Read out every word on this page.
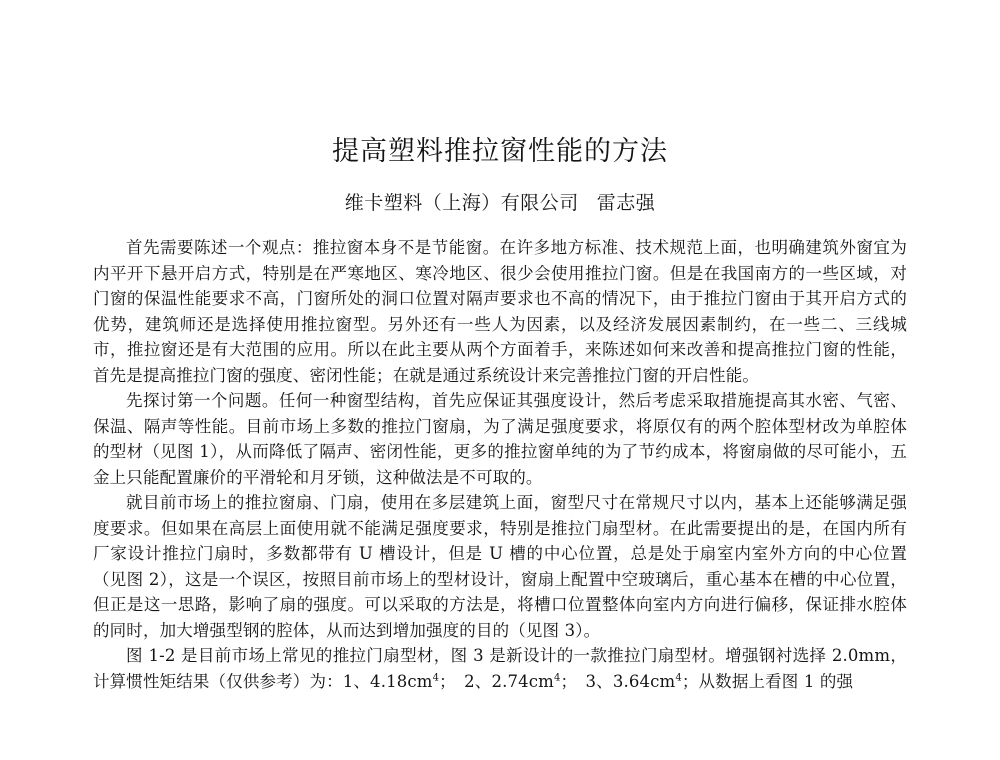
提高塑料推拉窗性能的方法
维卡塑料（上海）有限公司 雷志强

首先需要陈述一个观点：推拉窗本身不是节能窗。在许多地方标准、技术规范上面，也明确建筑外窗宜为内平开下悬开启方式，特别是在严寒地区、寒冷地区、很少会使用推拉门窗。但是在我国南方的一些区域，对门窗的保温性能要求不高，门窗所处的洞口位置对隔声要求也不高的情况下，由于推拉门窗由于其开启方式的优势，建筑师还是选择使用推拉窗型。另外还有一些人为因素，以及经济发展因素制约，在一些二、三线城市，推拉窗还是有大范围的应用。所以在此主要从两个方面着手，来陈述如何来改善和提高推拉门窗的性能，首先是提高推拉门窗的强度、密闭性能；在就是通过系统设计来完善推拉门窗的开启性能。

先探讨第一个问题。任何一种窗型结构，首先应保证其强度设计，然后考虑采取措施提高其水密、气密、保温、隔声等性能。目前市场上多数的推拉门窗扇，为了满足强度要求，将原仅有的两个腔体型材改为单腔体的型材（见图 1），从而降低了隔声、密闭性能，更多的推拉窗单纯的为了节约成本，将窗扇做的尽可能小，五金上只能配置廉价的平滑轮和月牙锁，这种做法是不可取的。

就目前市场上的推拉窗扇、门扇，使用在多层建筑上面，窗型尺寸在常规尺寸以内，基本上还能够满足强度要求。但如果在高层上面使用就不能满足强度要求，特别是推拉门扇型材。在此需要提出的是，在国内所有厂家设计推拉门扇时，多数都带有 U 槽设计，但是 U 槽的中心位置，总是处于扇室内室外方向的中心位置（见图 2），这是一个误区，按照目前市场上的型材设计，窗扇上配置中空玻璃后，重心基本在槽的中心位置，但正是这一思路，影响了扇的强度。可以采取的方法是，将槽口位置整体向室内方向进行偏移，保证排水腔体的同时，加大增强型钢的腔体，从而达到增加强度的目的（见图 3）。

图 1-2 是目前市场上常见的推拉门扇型材，图 3 是新设计的一款推拉门扇型材。增强钢衬选择 2.0mm，计算惯性矩结果（仅供参考）为：1、$4.18cm^4$；　2、$2.74cm^4$；　3、$3.64cm^4$；从数据上看图 1 的强
